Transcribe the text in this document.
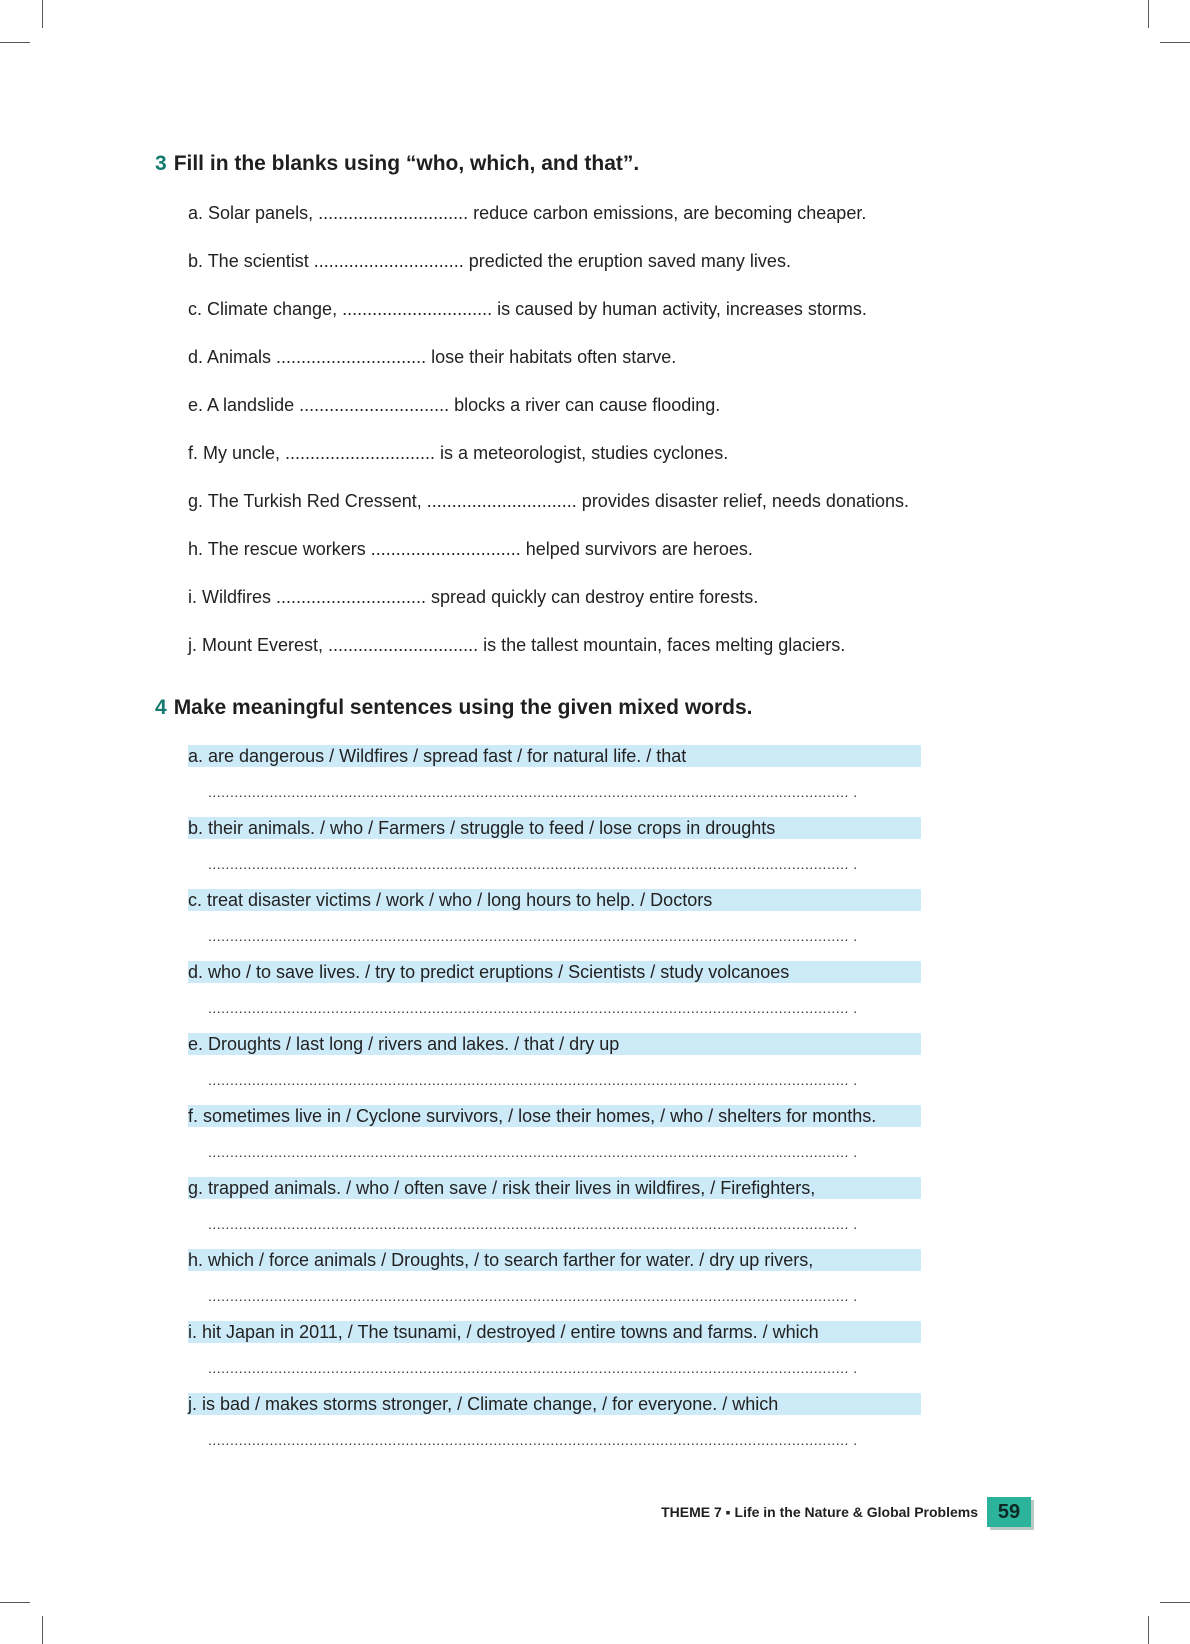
3 Fill in the blanks using “who, which, and that”.
a. Solar panels, .............................. reduce carbon emissions, are becoming cheaper.
b. The scientist .............................. predicted the eruption saved many lives.
c. Climate change, .............................. is caused by human activity, increases storms.
d. Animals .............................. lose their habitats often starve.
e. A landslide .............................. blocks a river can cause flooding.
f. My uncle, .............................. is a meteorologist, studies cyclones.
g. The Turkish Red Cressent, .............................. provides disaster relief, needs donations.
h. The rescue workers .............................. helped survivors are heroes.
i. Wildfires .............................. spread quickly can destroy entire forests.
j. Mount Everest, .............................. is the tallest mountain, faces melting glaciers.
4 Make meaningful sentences using the given mixed words.
a. are dangerous / Wildfires / spread fast / for natural life. / that
.................................................................................................................................................. .
b. their animals. / who / Farmers / struggle to feed / lose crops in droughts
.................................................................................................................................................. .
c. treat disaster victims / work / who / long hours to help. / Doctors
.................................................................................................................................................. .
d. who / to save lives. / try to predict eruptions / Scientists / study volcanoes
.................................................................................................................................................. .
e. Droughts / last long / rivers and lakes. / that / dry up
.................................................................................................................................................. .
f. sometimes live in / Cyclone survivors, / lose their homes, / who / shelters for months.
.................................................................................................................................................. .
g. trapped animals. / who / often save / risk their lives in wildfires, / Firefighters,
.................................................................................................................................................. .
h. which / force animals / Droughts, / to search farther for water. / dry up rivers,
.................................................................................................................................................. .
i. hit Japan in 2011, / The tsunami, / destroyed / entire towns and farms. / which
.................................................................................................................................................. .
j. is bad / makes storms stronger, / Climate change, / for everyone. / which
.................................................................................................................................................. .
THEME 7 ▪ Life in the Nature & Global Problems 59
